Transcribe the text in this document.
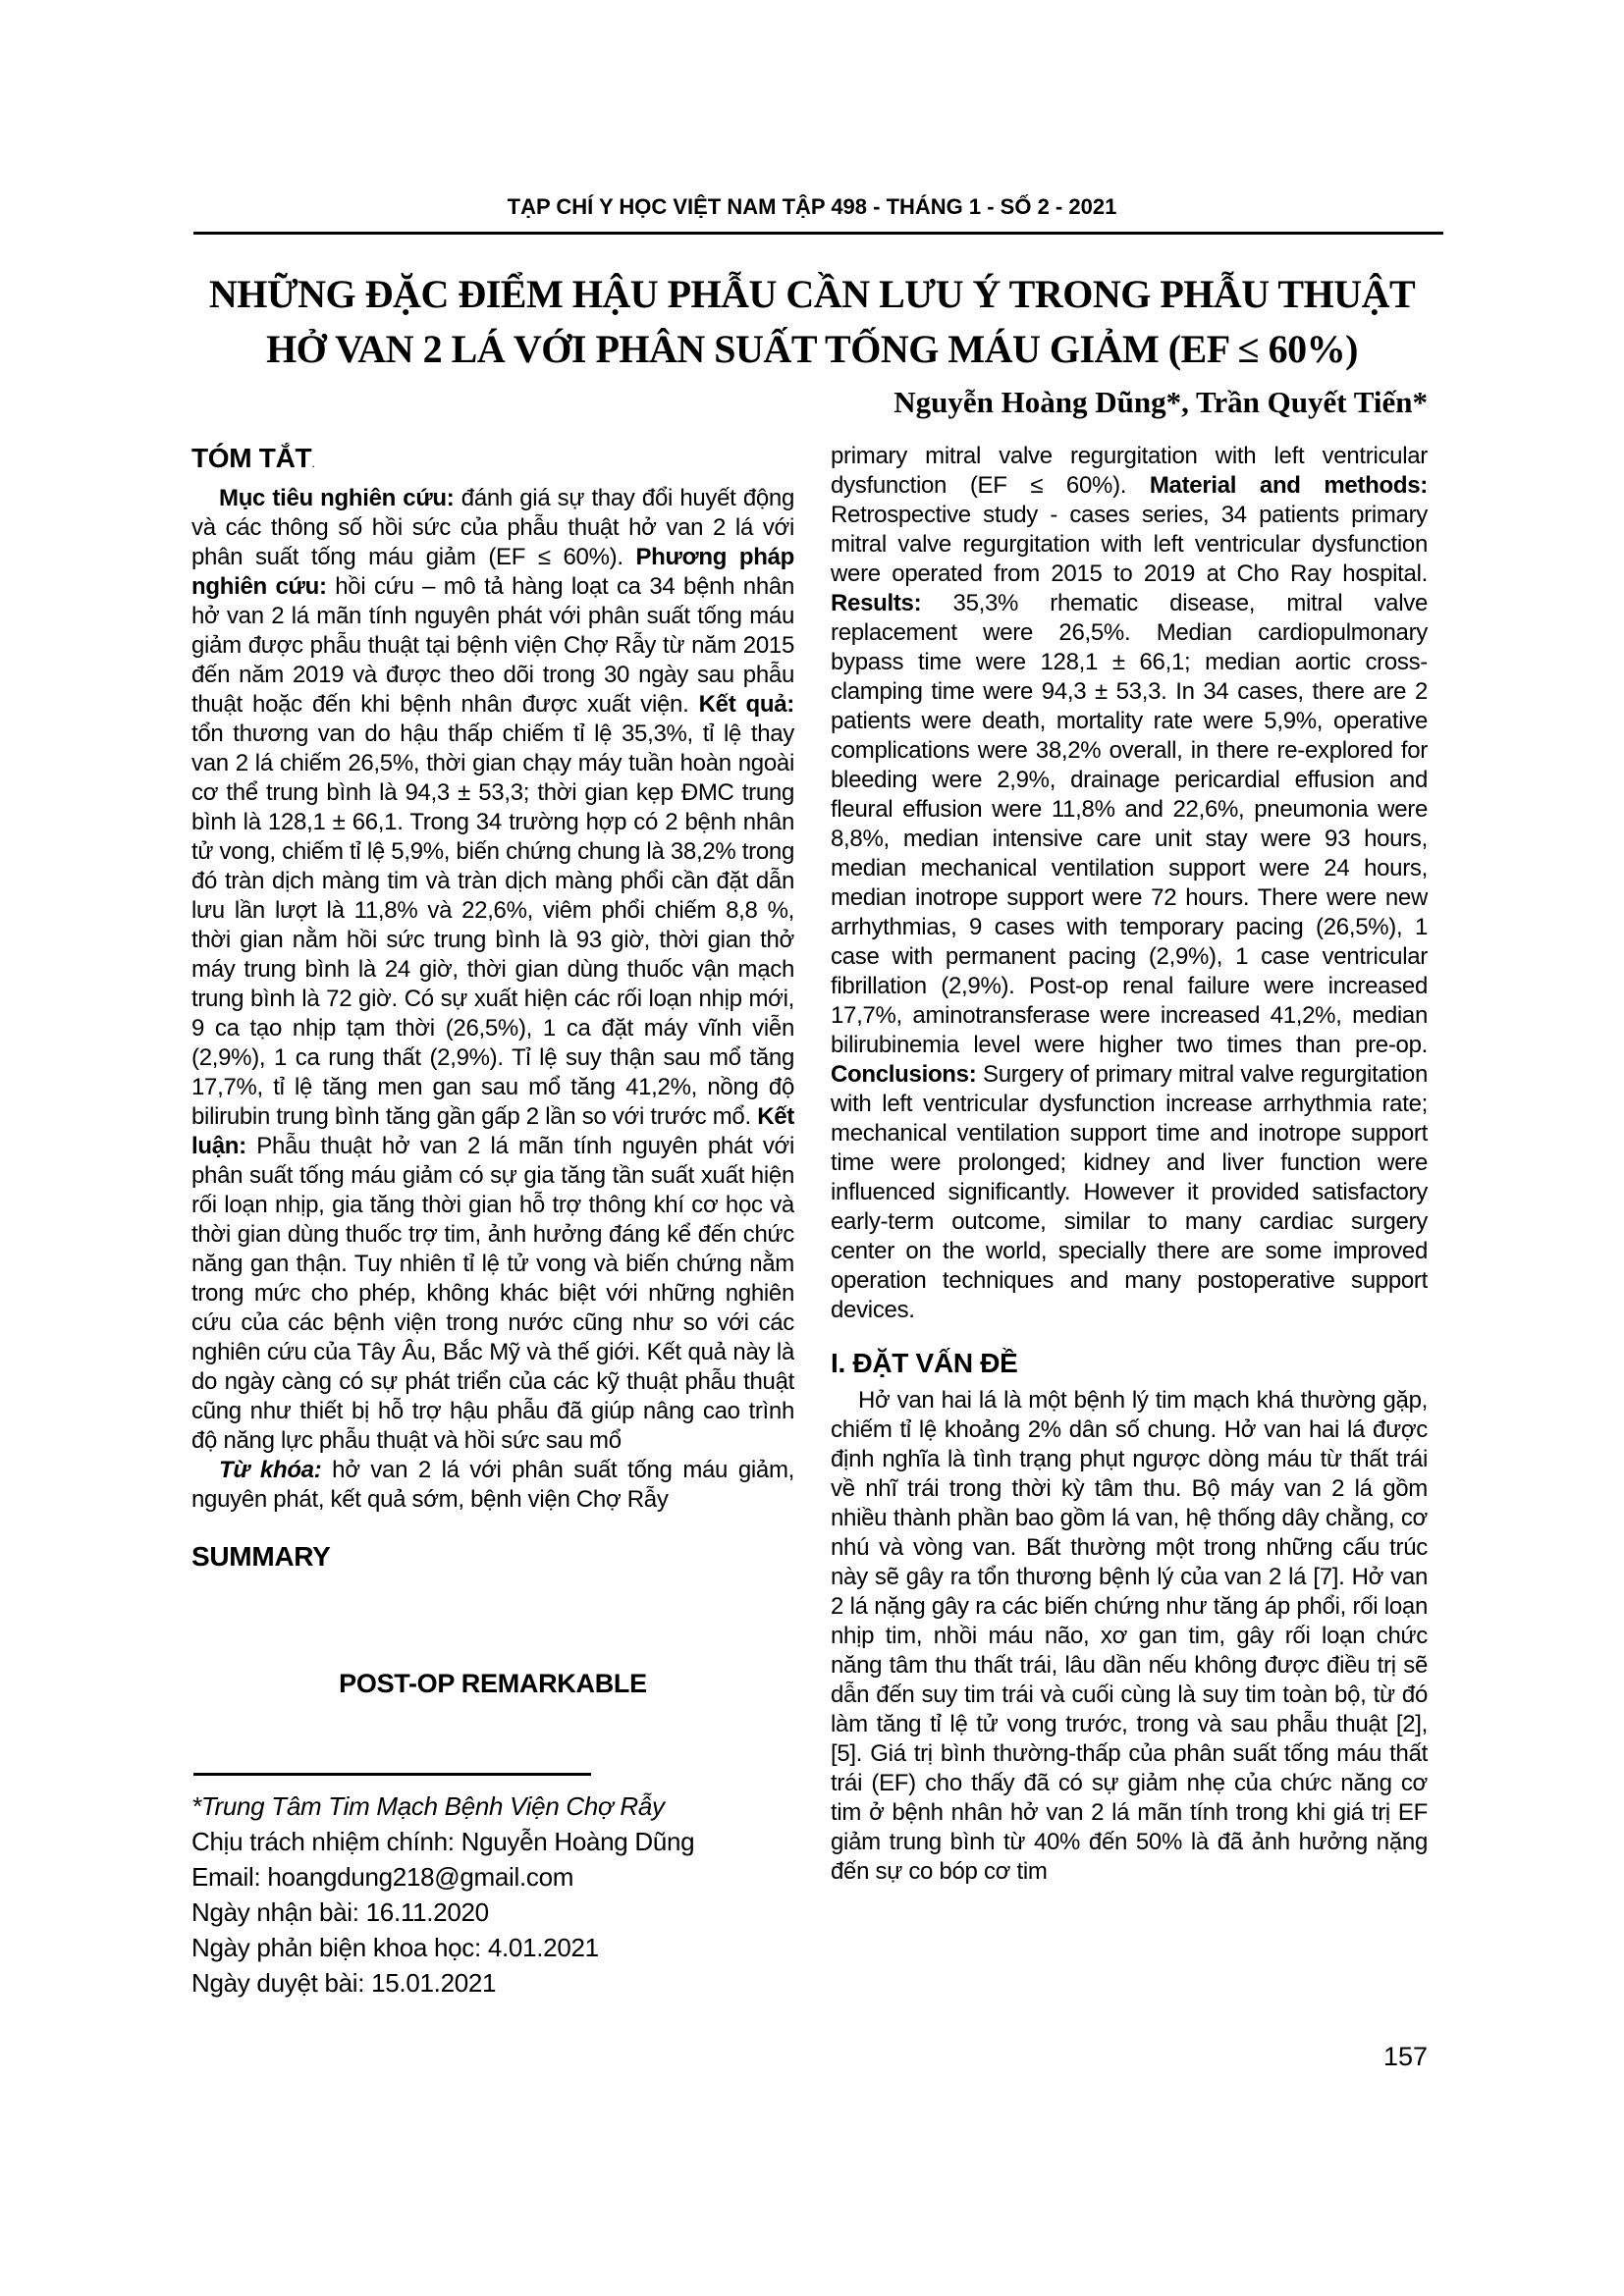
TẠP CHÍ Y HỌC VIỆT NAM TẬP 498 - THÁNG 1 - SỐ 2 - 2021
NHỮNG ĐẶC ĐIỂM HẬU PHẪU CẦN LƯU Ý TRONG PHẪU THUẬT
HỞ VAN 2 LÁ VỚI PHÂN SUẤT TỐNG MÁU GIẢM (EF ≤ 60%)
Nguyễn Hoàng Dũng*, Trần Quyết Tiến*
TÓM TẮT.

Mục tiêu nghiên cứu: đánh giá sự thay đổi huyết động và các thông số hồi sức của phẫu thuật hở van 2 lá với phân suất tống máu giảm (EF ≤ 60%). Phương pháp nghiên cứu: hồi cứu – mô tả hàng loạt ca 34 bệnh nhân hở van 2 lá mãn tính nguyên phát với phân suất tống máu giảm được phẫu thuật tại bệnh viện Chợ Rẫy từ năm 2015 đến năm 2019 và được theo dõi trong 30 ngày sau phẫu thuật hoặc đến khi bệnh nhân được xuất viện. Kết quả: tổn thương van do hậu thấp chiếm tỉ lệ 35,3%, tỉ lệ thay van 2 lá chiếm 26,5%, thời gian chạy máy tuần hoàn ngoài cơ thể trung bình là 94,3 ± 53,3; thời gian kẹp ĐMC trung bình là 128,1 ± 66,1. Trong 34 trường hợp có 2 bệnh nhân tử vong, chiếm tỉ lệ 5,9%, biến chứng chung là 38,2% trong đó tràn dịch màng tim và tràn dịch màng phổi cần đặt dẫn lưu lần lượt là 11,8% và 22,6%, viêm phổi chiếm 8,8 %, thời gian nằm hồi sức trung bình là 93 giờ, thời gian thở máy trung bình là 24 giờ, thời gian dùng thuốc vận mạch trung bình là 72 giờ. Có sự xuất hiện các rối loạn nhịp mới, 9 ca tạo nhịp tạm thời (26,5%), 1 ca đặt máy vĩnh viễn (2,9%), 1 ca rung thất (2,9%). Tỉ lệ suy thận sau mổ tăng 17,7%, tỉ lệ tăng men gan sau mổ tăng 41,2%, nồng độ bilirubin trung bình tăng gần gấp 2 lần so với trước mổ. Kết luận: Phẫu thuật hở van 2 lá mãn tính nguyên phát với phân suất tống máu giảm có sự gia tăng tần suất xuất hiện rối loạn nhịp, gia tăng thời gian hỗ trợ thông khí cơ học và thời gian dùng thuốc trợ tim, ảnh hưởng đáng kể đến chức năng gan thận. Tuy nhiên tỉ lệ tử vong và biến chứng nằm trong mức cho phép, không khác biệt với những nghiên cứu của các bệnh viện trong nước cũng như so với các nghiên cứu của Tây Âu, Bắc Mỹ và thế giới. Kết quả này là do ngày càng có sự phát triển của các kỹ thuật phẫu thuật cũng như thiết bị hỗ trợ hậu phẫu đã giúp nâng cao trình độ năng lực phẫu thuật và hồi sức sau mổ

Từ khóa: hở van 2 lá với phân suất tống máu giảm, nguyên phát, kết quả sớm, bệnh viện Chợ Rẫy

SUMMARY

POST-OP REMARKABLE

primary mitral valve regurgitation with left ventricular dysfunction (EF ≤ 60%). Material and methods: Retrospective study - cases series, 34 patients primary mitral valve regurgitation with left ventricular dysfunction were operated from 2015 to 2019 at Cho Ray hospital. Results: 35,3% rhematic disease, mitral valve replacement were 26,5%. Median cardiopulmonary bypass time were 128,1 ± 66,1; median aortic cross-clamping time were 94,3 ± 53,3. In 34 cases, there are 2 patients were death, mortality rate were 5,9%, operative complications were 38,2% overall, in there re-explored for bleeding were 2,9%, drainage pericardial effusion and fleural effusion were 11,8% and 22,6%, pneumonia were 8,8%, median intensive care unit stay were 93 hours, median mechanical ventilation support were 24 hours, median inotrope support were 72 hours. There were new arrhythmias, 9 cases with temporary pacing (26,5%), 1 case with permanent pacing (2,9%), 1 case ventricular fibrillation (2,9%). Post-op renal failure were increased 17,7%, aminotransferase were increased 41,2%, median bilirubinemia level were higher two times than pre-op. Conclusions: Surgery of primary mitral valve regurgitation with left ventricular dysfunction increase arrhythmia rate; mechanical ventilation support time and inotrope support time were prolonged; kidney and liver function were influenced significantly. However it provided satisfactory early-term outcome, similar to many cardiac surgery center on the world, specially there are some improved operation techniques and many postoperative support devices.

I. ĐẶT VẤN ĐỀ

Hở van hai lá là một bệnh lý tim mạch khá thường gặp, chiếm tỉ lệ khoảng 2% dân số chung. Hở van hai lá được định nghĩa là tình trạng phụt ngược dòng máu từ thất trái về nhĩ trái trong thời kỳ tâm thu. Bộ máy van 2 lá gồm nhiều thành phần bao gồm lá van, hệ thống dây chằng, cơ nhú và vòng van. Bất thường một trong những cấu trúc này sẽ gây ra tổn thương bệnh lý của van 2 lá [7]. Hở van 2 lá nặng gây ra các biến chứng như tăng áp phổi, rối loạn nhịp tim, nhồi máu não, xơ gan tim, gây rối loạn chức năng tâm thu thất trái, lâu dần nếu không được điều trị sẽ dẫn đến suy tim trái và cuối cùng là suy tim toàn bộ, từ đó làm tăng tỉ lệ tử vong trước, trong và sau phẫu thuật [2], [5]. Giá trị bình thường-thấp của phân suất tống máu thất trái (EF) cho thấy đã có sự giảm nhẹ của chức năng cơ tim ở bệnh nhân hở van 2 lá mãn tính trong khi giá trị EF giảm trung bình từ 40% đến 50% là đã ảnh hưởng nặng đến sự co bóp cơ tim

*Trung Tâm Tim Mạch Bệnh Viện Chợ Rẫy
Chịu trách nhiệm chính: Nguyễn Hoàng Dũng
Email: hoangdung218@gmail.com
Ngày nhận bài: 16.11.2020
Ngày phản biện khoa học: 4.01.2021
Ngày duyệt bài: 15.01.2021
157
